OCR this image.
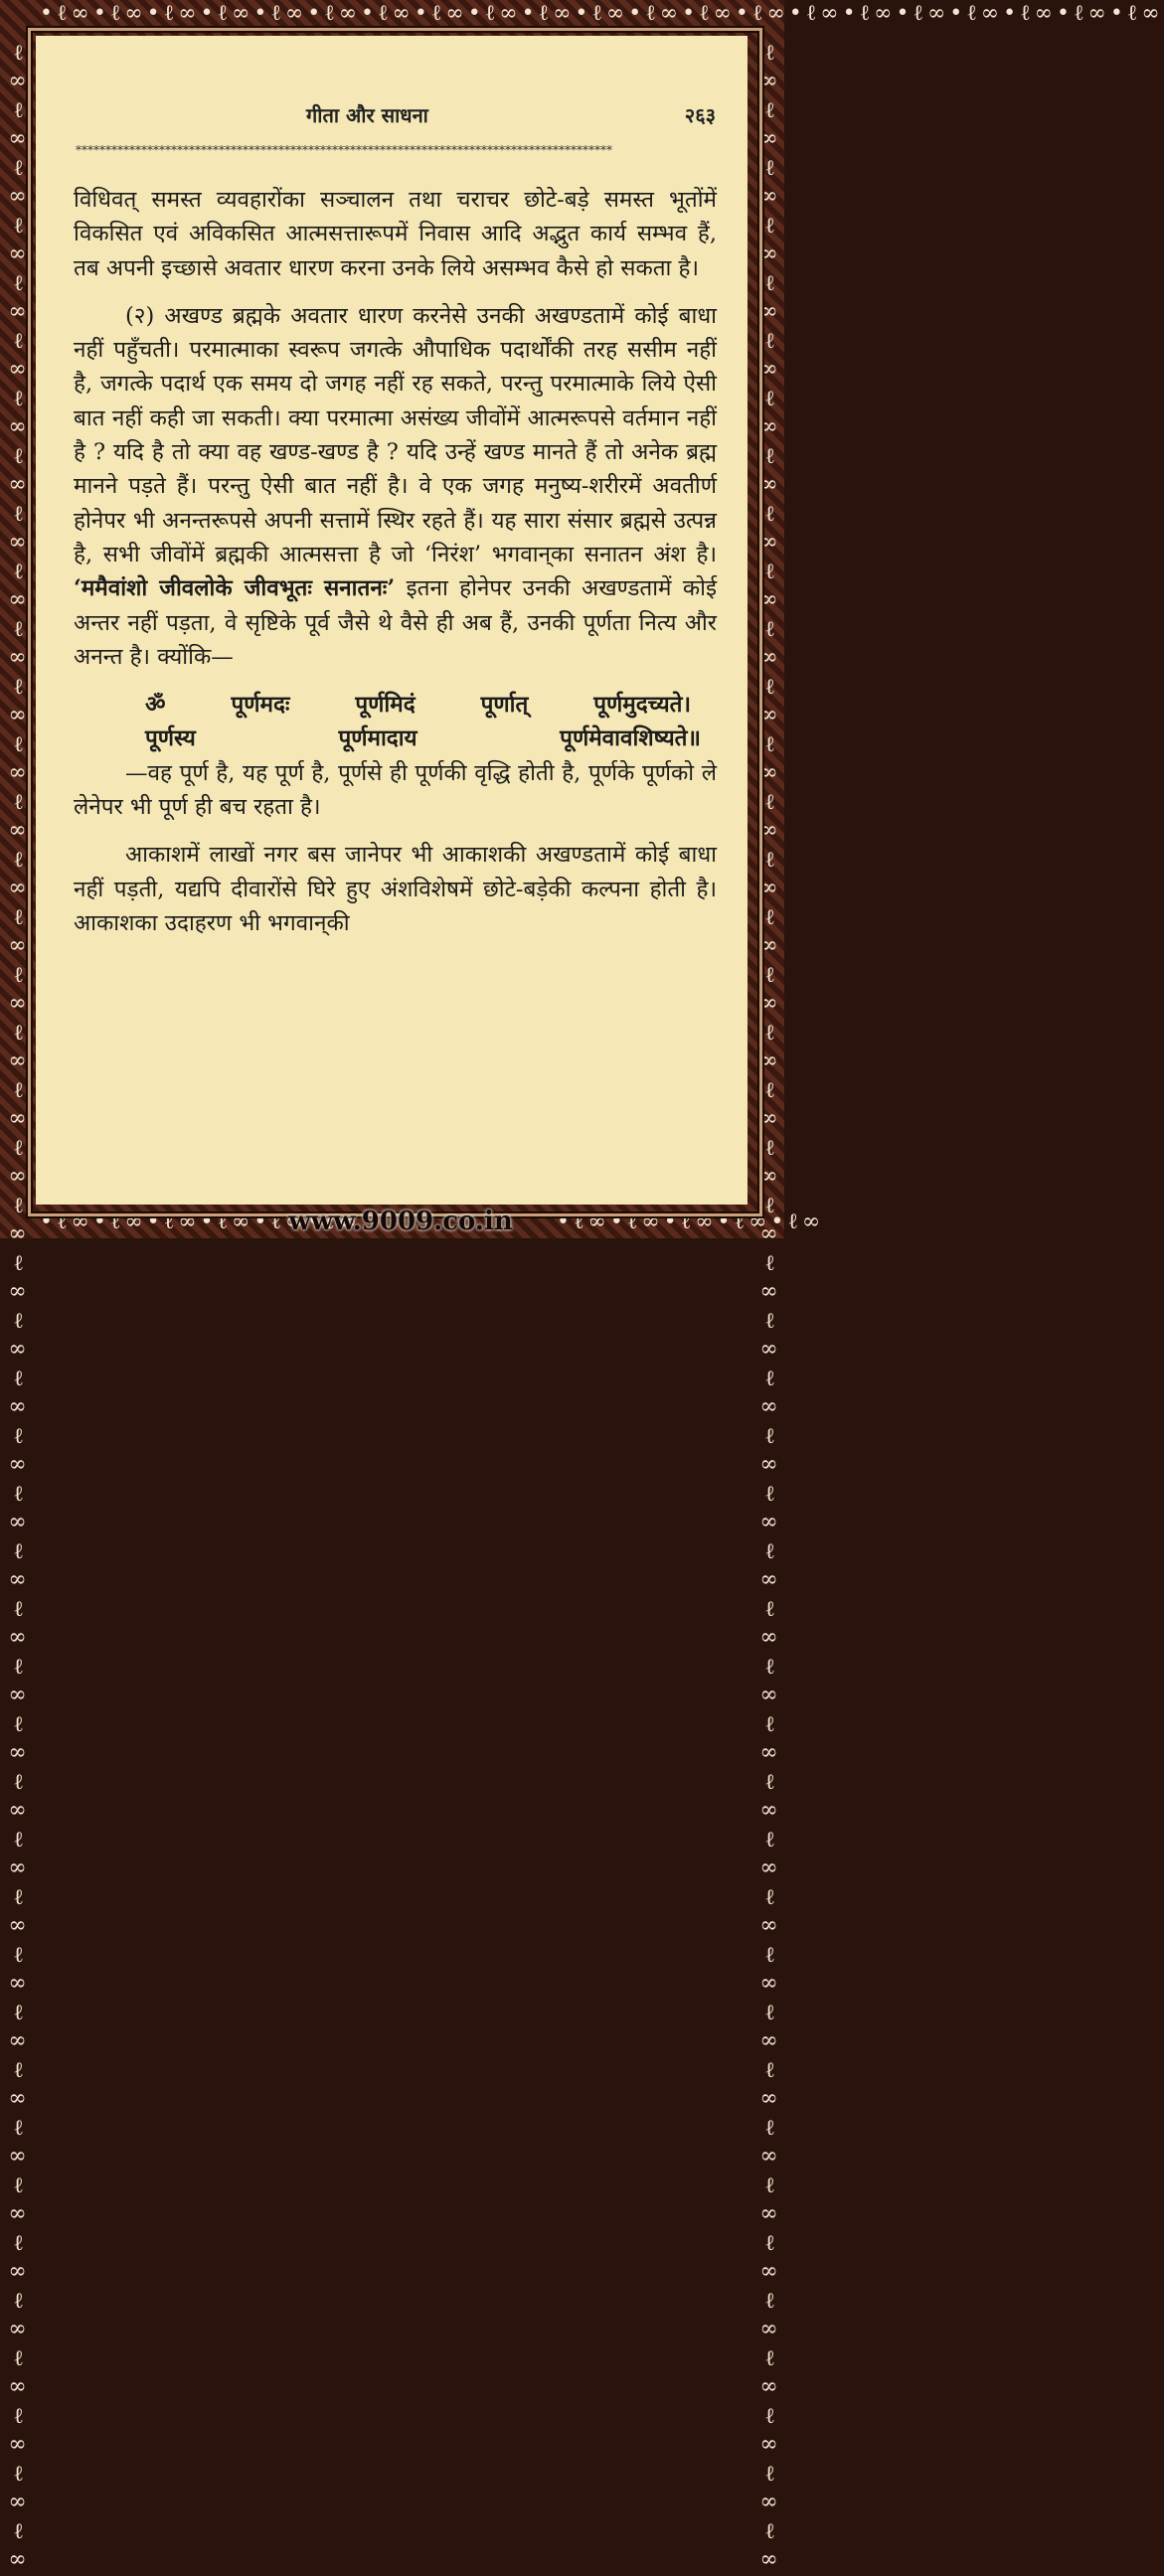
•ℓ∞•ℓ∞•ℓ∞•ℓ∞•ℓ∞•ℓ∞•ℓ∞•ℓ∞•ℓ∞•ℓ∞•ℓ∞•ℓ∞•ℓ∞•ℓ∞•ℓ∞•ℓ∞•ℓ∞•ℓ∞•ℓ∞•ℓ∞•ℓ∞
ℓ∞ℓ∞ℓ∞ℓ∞ℓ∞ℓ∞ℓ∞ℓ∞ℓ∞ℓ∞ℓ∞ℓ∞ℓ∞ℓ∞ℓ∞ℓ∞ℓ∞ℓ∞ℓ∞ℓ∞ℓ∞ℓ∞ℓ∞ℓ∞ℓ∞ℓ∞ℓ∞ℓ∞ℓ∞ℓ∞ℓ∞ℓ∞ℓ∞ℓ∞ℓ∞ℓ∞ℓ∞ℓ∞ℓ∞ℓ∞ℓ∞ℓ∞ℓ∞ℓ∞	ℓ∞ℓ∞ℓ∞ℓ∞ℓ∞ℓ∞ℓ∞ℓ∞ℓ∞ℓ∞ℓ∞ℓ∞ℓ∞ℓ∞ℓ∞ℓ∞ℓ∞ℓ∞ℓ∞ℓ∞ℓ∞ℓ∞ℓ∞ℓ∞ℓ∞ℓ∞ℓ∞ℓ∞ℓ∞ℓ∞ℓ∞ℓ∞ℓ∞ℓ∞ℓ∞ℓ∞ℓ∞ℓ∞ℓ∞ℓ∞ℓ∞ℓ∞ℓ∞ℓ∞
•ℓ∞•ℓ∞•ℓ∞•ℓ∞•ℓ∞•ℓ∞	•ℓ∞•ℓ∞•ℓ∞•ℓ∞•ℓ∞
गीता और साधना	२६३
******************************************************************************************

विधिवत् समस्त व्यवहारोंका सञ्चालन तथा चराचर छोटे-बड़े समस्त भूतोंमें विकसित एवं अविकसित आत्मसत्तारूपमें निवास आदि अद्भुत कार्य सम्भव हैं, तब अपनी इच्छासे अवतार धारण करना उनके लिये असम्भव कैसे हो सकता है।

(२) अखण्ड ब्रह्मके अवतार धारण करनेसे उनकी अखण्डतामें कोई बाधा नहीं पहुँचती। परमात्माका स्वरूप जगत्के औपाधिक पदार्थोंकी तरह ससीम नहीं है, जगत्के पदार्थ एक समय दो जगह नहीं रह सकते, परन्तु परमात्माके लिये ऐसी बात नहीं कही जा सकती। क्या परमात्मा असंख्य जीवोंमें आत्मरूपसे वर्तमान नहीं है ? यदि है तो क्या वह खण्ड-खण्ड है ? यदि उन्हें खण्ड मानते हैं तो अनेक ब्रह्म मानने पड़ते हैं। परन्तु ऐसी बात नहीं है। वे एक जगह मनुष्य-शरीरमें अवतीर्ण होनेपर भी अनन्तरूपसे अपनी सत्तामें स्थिर रहते हैं। यह सारा संसार ब्रह्मसे उत्पन्न है, सभी जीवोंमें ब्रह्मकी आत्मसत्ता है जो ‘निरंश’ भगवान्‌का सनातन अंश है। ‘ममैवांशो जीवलोके जीवभूतः सनातनः’ इतना होनेपर उनकी अखण्डतामें कोई अन्तर नहीं पड़ता, वे सृष्टिके पूर्व जैसे थे वैसे ही अब हैं, उनकी पूर्णता नित्य और अनन्त है। क्योंकि—

ॐ	पूर्णमदः	पूर्णमिदं	पूर्णात्	पूर्णमुदच्यते।
पूर्णस्य	पूर्णमादाय	पूर्णमेवावशिष्यते॥

—वह पूर्ण है, यह पूर्ण है, पूर्णसे ही पूर्णकी वृद्धि होती है, पूर्णके पूर्णको ले लेनेपर भी पूर्ण ही बच रहता है।

आकाशमें लाखों नगर बस जानेपर भी आकाशकी अखण्डतामें कोई बाधा नहीं पड़ती, यद्यपि दीवारोंसे घिरे हुए अंशविशेषमें छोटे-बड़ेकी कल्पना होती है। आकाशका उदाहरण भी भगवान्‌की

www.9009.co.in
